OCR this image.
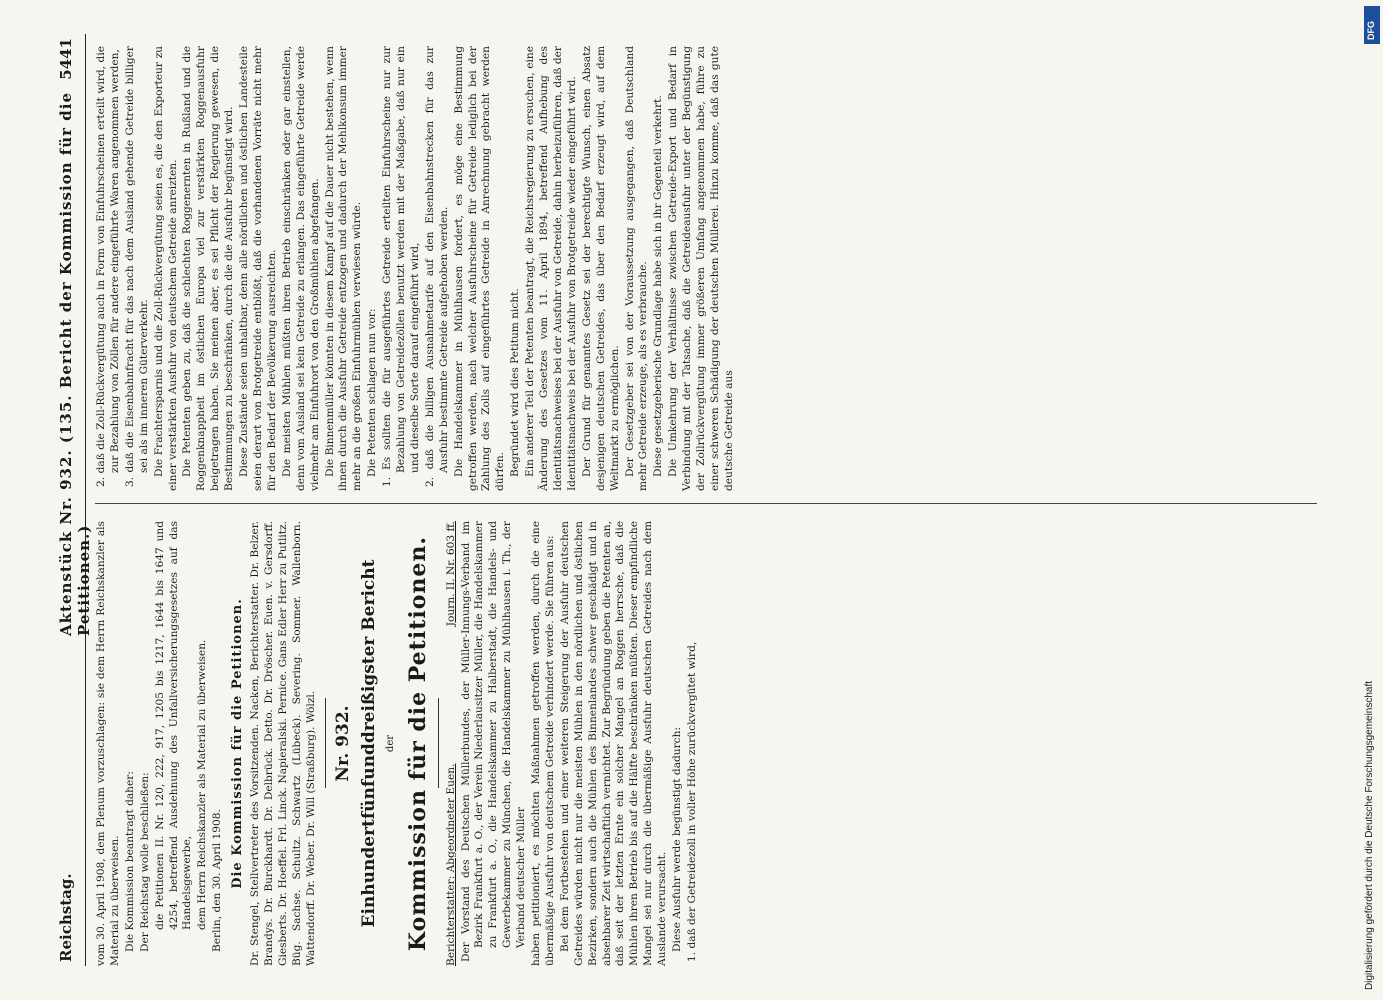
Reichstag.
Aktenstück Nr. 932. (135. Bericht der Kommission für die Petitionen.)
5441

vom 30. April 1908, dem Plenum vorzuschlagen: sie dem Herrn Reichskanzler als Material zu überweisen. Die Kommission beantragt daher: Der Reichstag wolle beschließen: die Petitionen II. Nr. 120, 222, 917, 1205 bis 1217, 1644 bis 1647 und 4254, betreffend Ausdehnung des Unfallversicherungsgesetzes auf das Handelsgewerbe, dem Herrn Reichskanzler als Material zu überweisen. Berlin, den 30. April 1908. Die Kommission für die Petitionen. Dr. Stengel, Stellvertreter des Vorsitzenden. Nacken, Berichterstatter. Dr. Belzer. Brandys. Dr. Burckhardt. Dr. Delbrück. Detto. Dr. Dröscher. Euen. v. Gersdorff. Giesberts. Dr. Hoeffel. Frl. Linck. Napieralski. Pernice. Gans Edler Herr zu Putlitz. Büg. Sachse. Schultz. Schwartz (Lübeck). Severing. Sommer. Wallenborn. Wattendorff. Dr. Weber. Dr. Will (Straßburg). Wölzl. Nr. 932. Einhundertfünfunddreißigster Bericht der Kommission für die Petitionen. Berichterstatter: Abgeordneter Euen.
Journ. II. Nr. 603 ff. Der Vorstand des Deutschen Müllerbundes, der Müller-Innungs-Verband im Bezirk Frankfurt a. O., der Verein Niederlausitzer Müller, die Handelskammer zu Frankfurt a. O., die Handelskammer zu Halberstadt, die Handels- und Gewerbekammer zu München, die Handelskammer zu Mühlhausen i. Th., der Verband deutscher Müller haben petitioniert, es möchten Maßnahmen getroffen werden, durch die eine übermäßige Ausfuhr von deutschem Getreide verhindert werde. Sie führen aus: Bei dem Fortbestehen und einer weiteren Steigerung der Ausfuhr deutschen Getreides würden nicht nur die meisten Mühlen in den nördlichen und östlichen Bezirken, sondern auch die Mühlen des Binnenlandes schwer geschädigt und in absehbarer Zeit wirtschaftlich vernichtet. Zur Begründung geben die Petenten an, daß seit der letzten Ernte ein solcher Mangel an Roggen herrsche, daß die Mühlen ihren Betrieb bis auf die Hälfte beschränken müßten. Dieser empfindliche Mangel sei nur durch die übermäßige Ausfuhr deutschen Getreides nach dem Auslande verursacht. Diese Ausfuhr werde begünstigt dadurch: 1. daß der Getreidezoll in voller Höhe zurückvergütet wird,

2. daß die Zoll-Rückvergütung auch in Form von Einfuhrscheinen erteilt wird, die zur Bezahlung von Zöllen für andere eingeführte Waren angenommen werden, 3. daß die Eisenbahnfracht für das nach dem Ausland gehende Getreide billiger sei als im inneren Güterverkehr. Die Frachtersparnis und die Zoll-Rückvergütung seien es, die den Exporteur zu einer verstärkten Ausfuhr von deutschem Getreide anreizten. Die Petenten geben zu, daß die schlechten Roggenernten in Rußland und die Roggenknappheit im östlichen Europa viel zur verstärkten Roggenausfuhr beigetragen haben. Sie meinen aber, es sei Pflicht der Regierung gewesen, die Bestimmungen zu beschränken, durch die die Ausfuhr begünstigt wird. Diese Zustände seien unhaltbar, denn alle nördlichen und östlichen Landesteile seien derart von Brotgetreide entblößt, daß die vorhandenen Vorräte nicht mehr für den Bedarf der Bevölkerung ausreichten. Die meisten Mühlen müßten ihren Betrieb einschränken oder gar einstellen, denn vom Ausland sei kein Getreide zu erlangen. Das eingeführte Getreide werde vielmehr am Einfuhrort von den Großmühlen abgefangen. Die Binnenmüller könnten in diesem Kampf auf die Dauer nicht bestehen, wenn ihnen durch die Ausfuhr Getreide entzogen und dadurch der Mehlkonsum immer mehr an die großen Einfuhrmühlen verwiesen würde. Die Petenten schlagen nun vor: 1. Es sollten die für ausgeführtes Getreide erteilten Einfuhrscheine nur zur Bezahlung von Getreidezöllen benutzt werden mit der Maßgabe, daß nur ein und dieselbe Sorte darauf eingeführt wird, 2. daß die billigen Ausnahmetarife auf den Eisenbahnstrecken für das zur Ausfuhr bestimmte Getreide aufgehoben werden. Die Handelskammer in Mühlhausen fordert, es möge eine Bestimmung getroffen werden, nach welcher Ausfuhrscheine für Getreide lediglich bei der Zahlung des Zolls auf eingeführtes Getreide in Anrechnung gebracht werden dürfen. Begründet wird dies Petitum nicht. Ein anderer Teil der Petenten beantragt, die Reichsregierung zu ersuchen, eine Änderung des Gesetzes vom 11. April 1894, betreffend Aufhebung des Identitätsnachweises bei der Ausfuhr von Getreide, dahin herbeizuführen, daß der Identitätsnachweis bei der Ausfuhr von Brotgetreide wieder eingeführt wird. Der Grund für genanntes Gesetz sei der berechtigte Wunsch, einen Absatz desjenigen deutschen Getreides, das über den Bedarf erzeugt wird, auf dem Weltmarkt zu ermöglichen. Der Gesetzgeber sei von der Voraussetzung ausgegangen, daß Deutschland mehr Getreide erzeuge, als es verbrauche. Diese gesetzgeberische Grundlage habe sich in ihr Gegenteil verkehrt. Die Umkehrung der Verhältnisse zwischen Getreide-Export und Bedarf in Verbindung mit der Tatsache, daß die Getreideausfuhr unter der Begünstigung der Zollrückvergütung immer größeren Umfang angenommen habe, führe zu einer schweren Schädigung der deutschen Müllerei. Hinzu komme, daß das gute deutsche Getreide aus

DFG
Digitalisierung gefördert durch die Deutsche Forschungsgemeinschaft
